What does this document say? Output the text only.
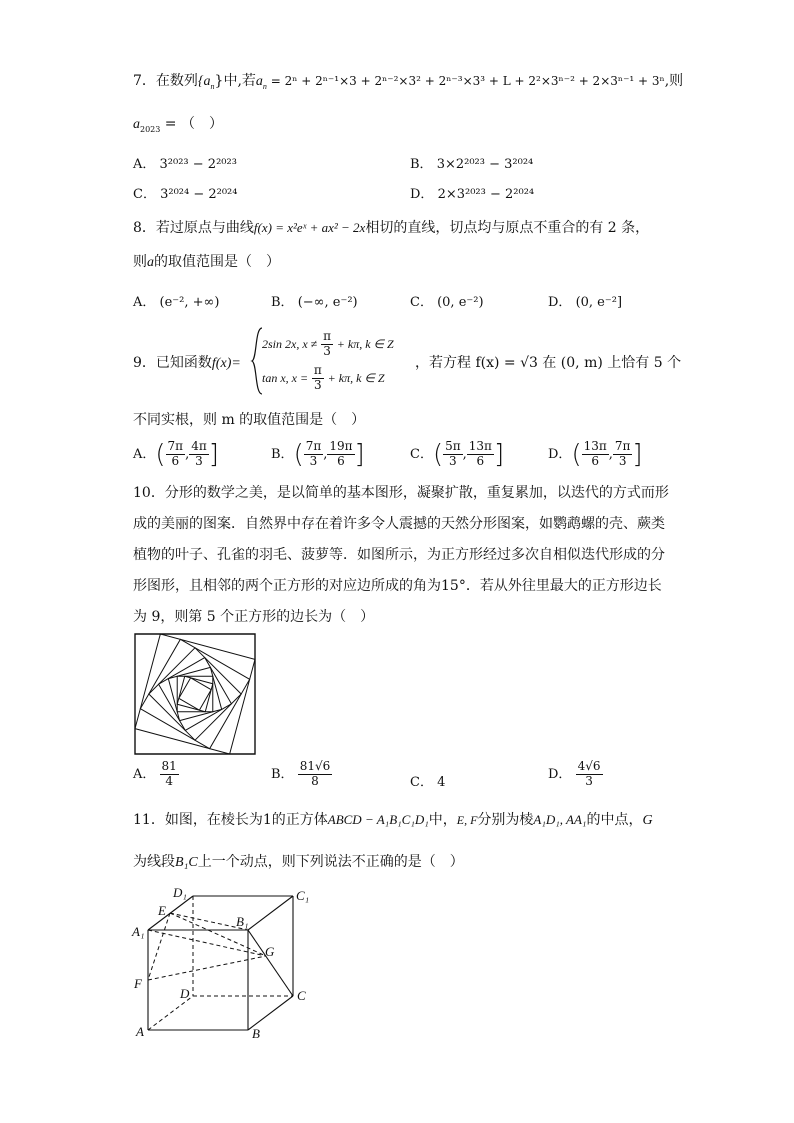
7．在数列$\{a_n\}$中,若$a_n = 2^n + 2^{n-1}\times 3 + 2^{n-2}\times 3^2 + 2^{n-3}\times 3^3 + L + 2^2\times 3^{n-2} + 2\times 3^{n-1} + 3^n$,则
$a_{2023}$ = （　）
A． 3²⁰²³ − 2²⁰²³	B． 3×2²⁰²³ − 3²⁰²⁴
C． 3²⁰²⁴ − 2²⁰²⁴	D． 2×3²⁰²³ − 2²⁰²⁴
8．若过原点与曲线f(x) = x²eˣ + ax² − 2x相切的直线，切点均与原点不重合的有 2 条，
则a的取值范围是（　）
A． (e⁻², +∞)	B． (−∞, e⁻²)	C． (0, e⁻²)	D． (0, e⁻²]
9．已知函数f(x)=
2sin 2x, $x \ne \frac{\pi}{3} + k\pi$, k ∈ Z
tan x, $x = \frac{\pi}{3} + k\pi$, k ∈ Z
，若方程 f(x) = √3 在 (0, m) 上恰有 5 个
不同实根，则 m 的取值范围是（　）
A．( $\frac{7\pi}{6}$ , $\frac{4\pi}{3}$ ]	B．( $\frac{7\pi}{3}$ , $\frac{19\pi}{6}$ ]	C．( $\frac{5\pi}{3}$ , $\frac{13\pi}{6}$ ]	D．( $\frac{13\pi}{6}$ , $\frac{7\pi}{3}$ ]
10．分形的数学之美，是以简单的基本图形，凝聚扩散，重复累加，以迭代的方式而形
成的美丽的图案．自然界中存在着许多令人震撼的天然分形图案，如鹦鹉螺的壳、蕨类
植物的叶子、孔雀的羽毛、菠萝等．如图所示，为正方形经过多次自相似迭代形成的分
形图形，且相邻的两个正方形的对应边所成的角为15°．若从外往里最大的正方形边长
为 9，则第 5 个正方形的边长为（　）
A． $\frac{81}{4}$	B． $\frac{81√6}{8}$	C． 4
D． $\frac{4√6}{3}$
11．如图，在棱长为1的正方体ABCD − A₁B₁C₁D₁中，E, F分别为棱A₁D₁, AA₁的中点，G
为线段B₁C上一个动点，则下列说法不正确的是（　）
D₁	C₁
E
B₁
A₁
G
F
D	C
A	B
